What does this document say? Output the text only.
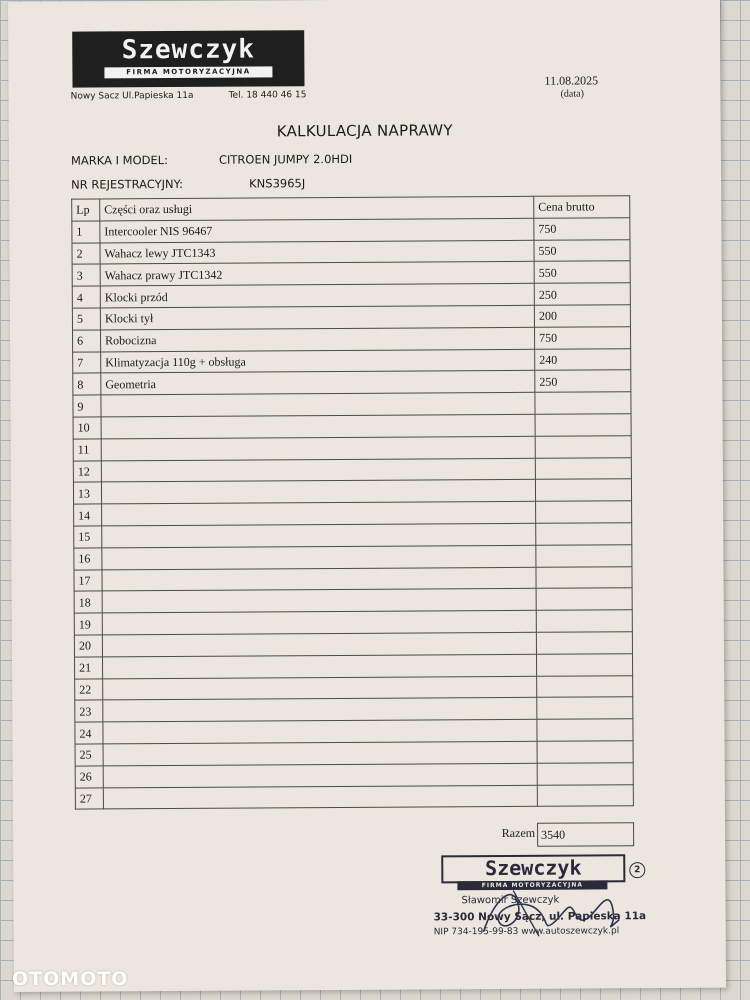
Szewczyk
FIRMA MOTORYZACYJNA
Nowy Sacz Ul.Papieska 11a	Tel. 18 440 46 15
11.08.2025
(data)
KALKULACJA NAPRAWY
MARKA I MODEL:	CITROEN JUMPY 2.0HDI
NR REJESTRACYJNY:	KNS3965J
Lp	Części oraz usługi	Cena brutto
1	Intercooler NIS 96467	750
2	Wahacz lewy JTC1343	550
3	Wahacz prawy JTC1342	550
4	Klocki przód	250
5	Klocki tył	200
6	Robocizna	750
7	Klimatyzacja 110g + obsługa	240
8	Geometria	250
9		
10		
11		
12		
13		
14		
15		
16		
17		
18		
19		
20		
21		
22		
23		
24		
25		
26		
27		
Razem 3540
Szewczyk
FIRMA MOTORYZACYJNA
2
Sławomir Szewczyk
33-300 Nowy Sącz, ul. Papieska 11a
NIP 734-195-99-83 www.autoszewczyk.pl
OTOMOTO
